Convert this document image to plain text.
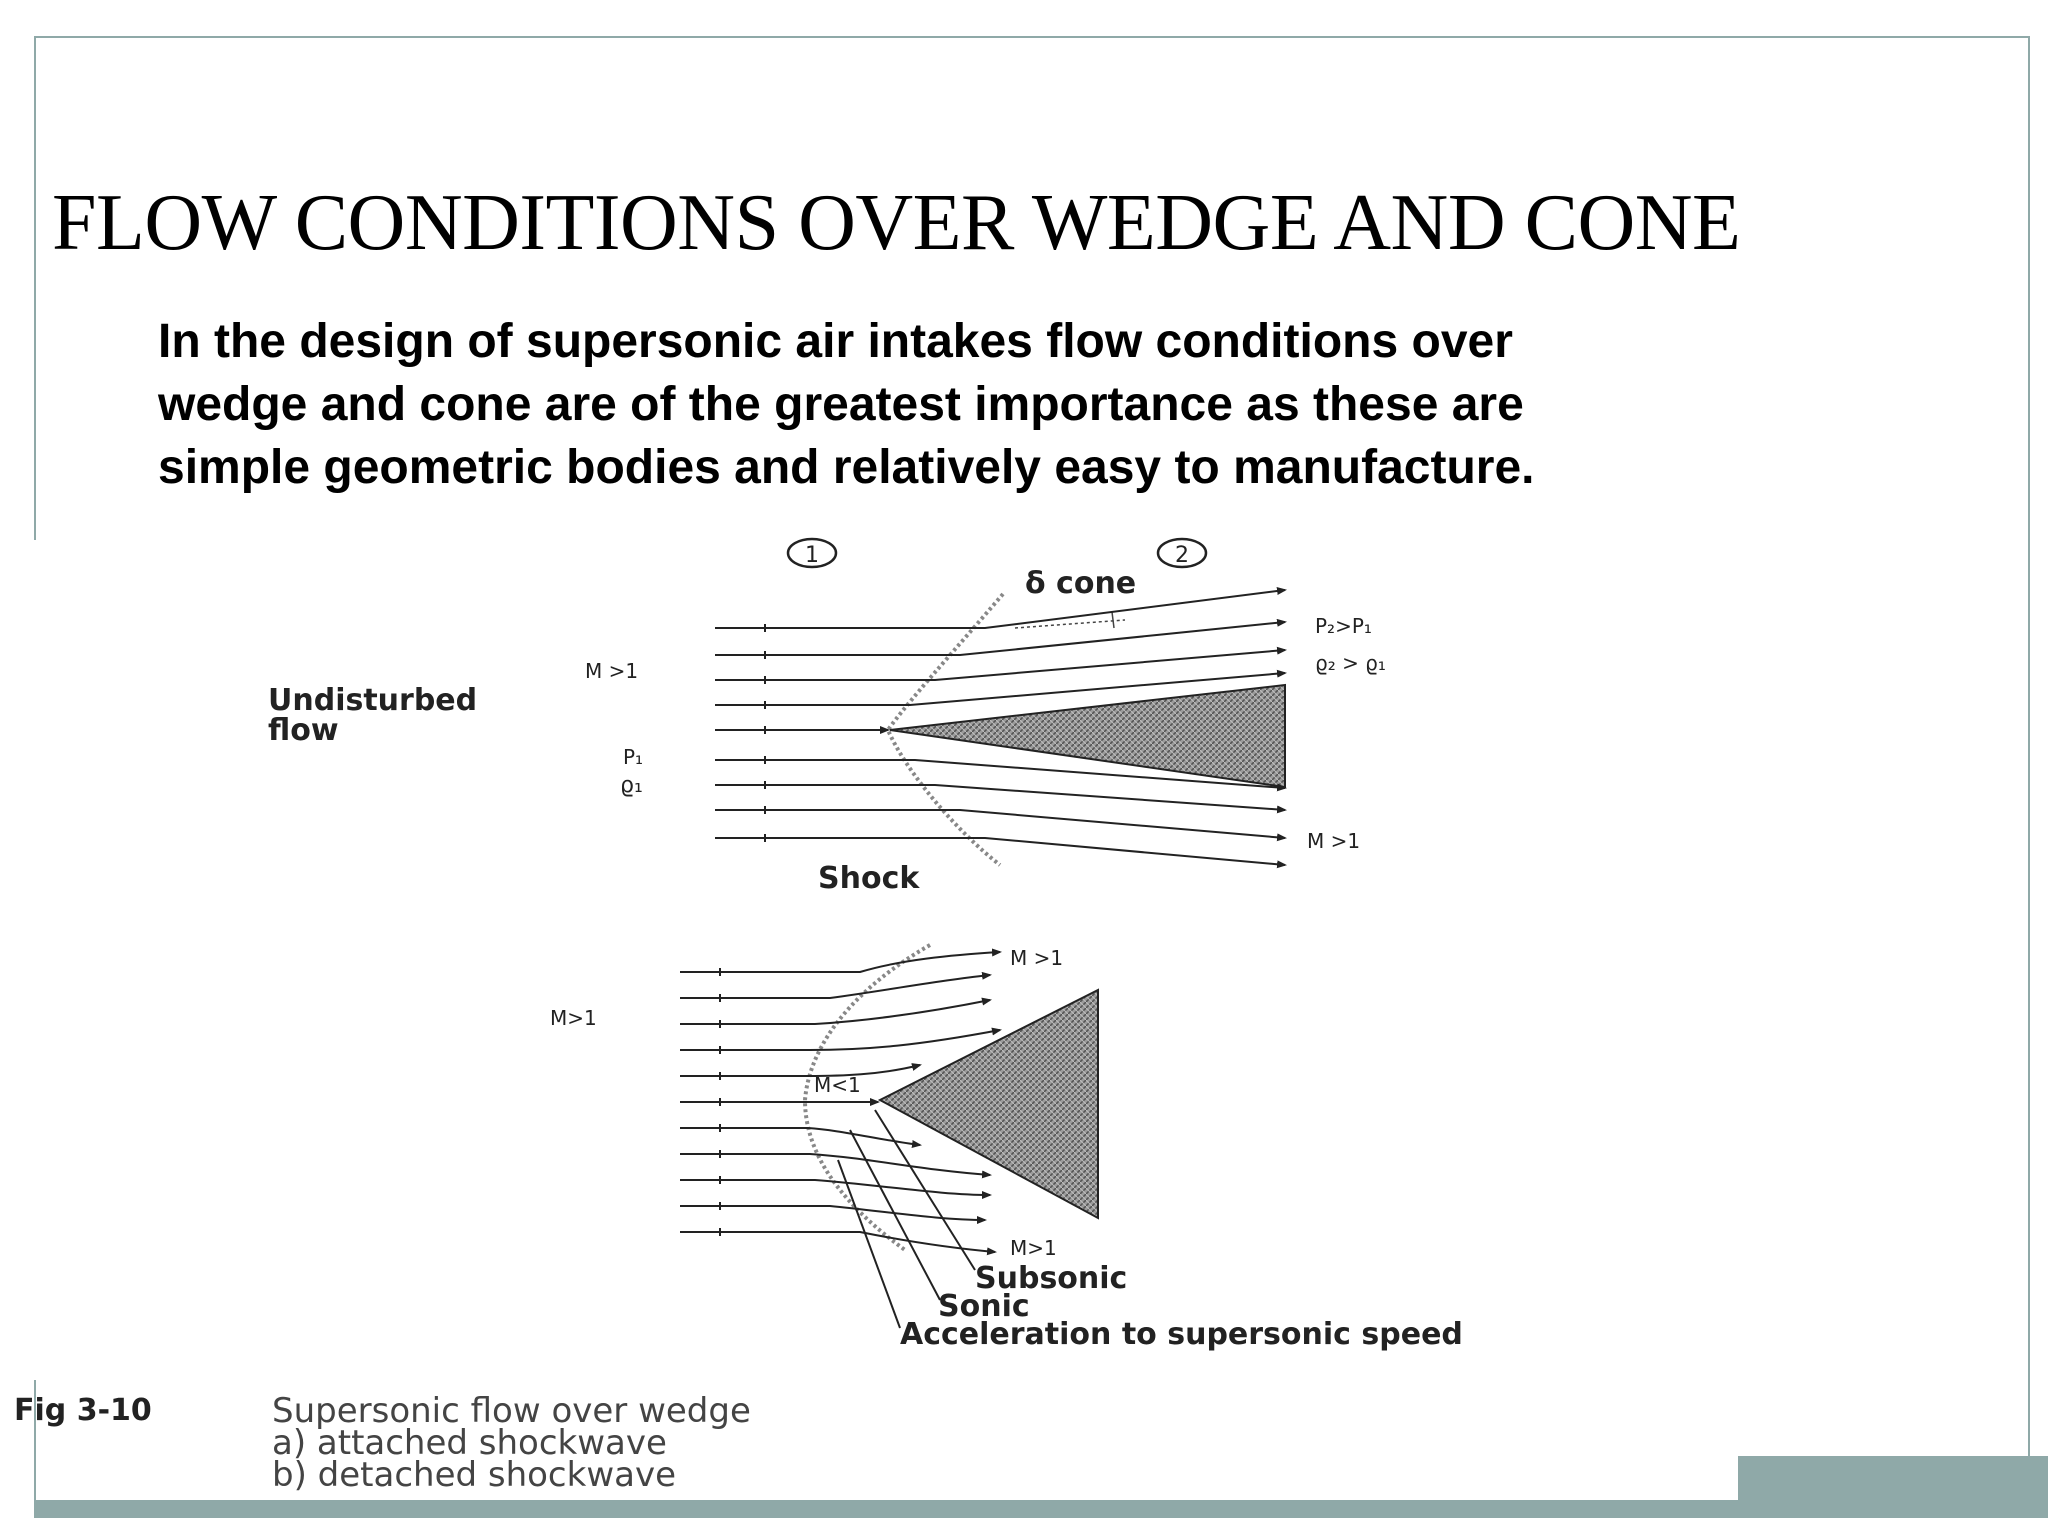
FLOW CONDITIONS OVER WEDGE AND CONE
In the design of supersonic air intakes flow conditions over
wedge and cone are of the greatest importance as these are
simple geometric bodies and relatively easy to manufacture.
1	2
δ cone
P₂>P₁
ϱ₂ > ϱ₁
M >1
Undisturbed
flow
P₁
ϱ₁
M >1
Shock
M >1
M>1
M<1
M>1
Subsonic
Sonic
Acceleration to supersonic speed
Fig 3-10	Supersonic flow over wedge
a) attached shockwave
b) detached shockwave
